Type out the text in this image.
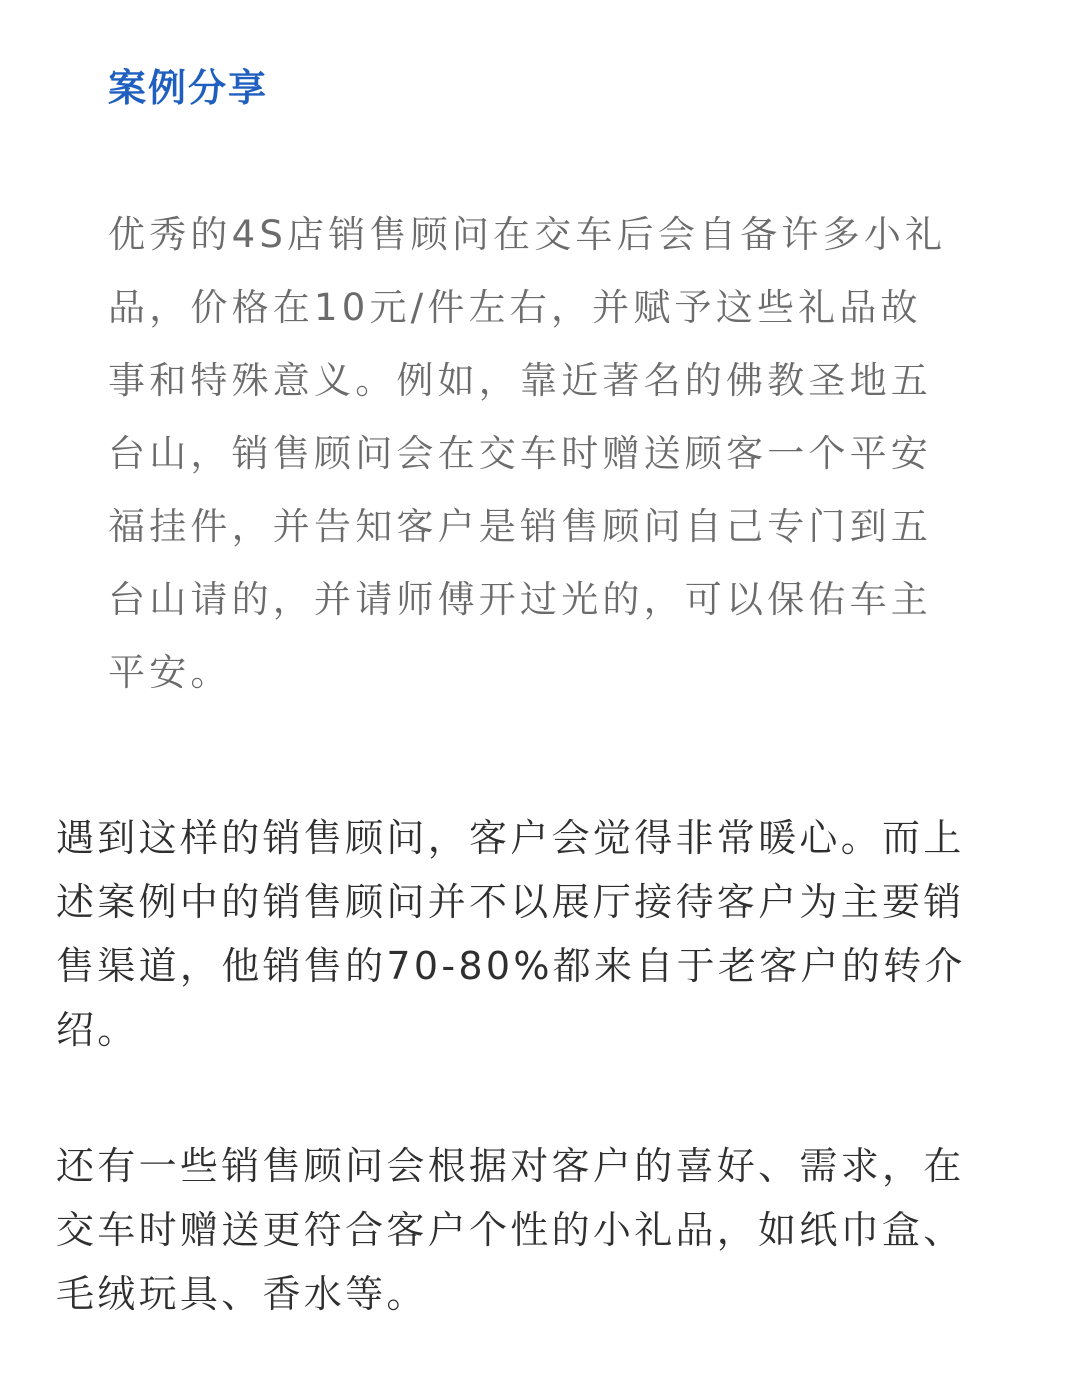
案例分享
优秀的4S店销售顾问在交车后会自备许多小礼
品，价格在10元/件左右，并赋予这些礼品故
事和特殊意义。例如，靠近著名的佛教圣地五
台山，销售顾问会在交车时赠送顾客一个平安
福挂件，并告知客户是销售顾问自己专门到五
台山请的，并请师傅开过光的，可以保佑车主
平安。
遇到这样的销售顾问，客户会觉得非常暖心。而上
述案例中的销售顾问并不以展厅接待客户为主要销
售渠道，他销售的70-80%都来自于老客户的转介
绍。
还有一些销售顾问会根据对客户的喜好、需求，在
交车时赠送更符合客户个性的小礼品，如纸巾盒、
毛绒玩具、香水等。
